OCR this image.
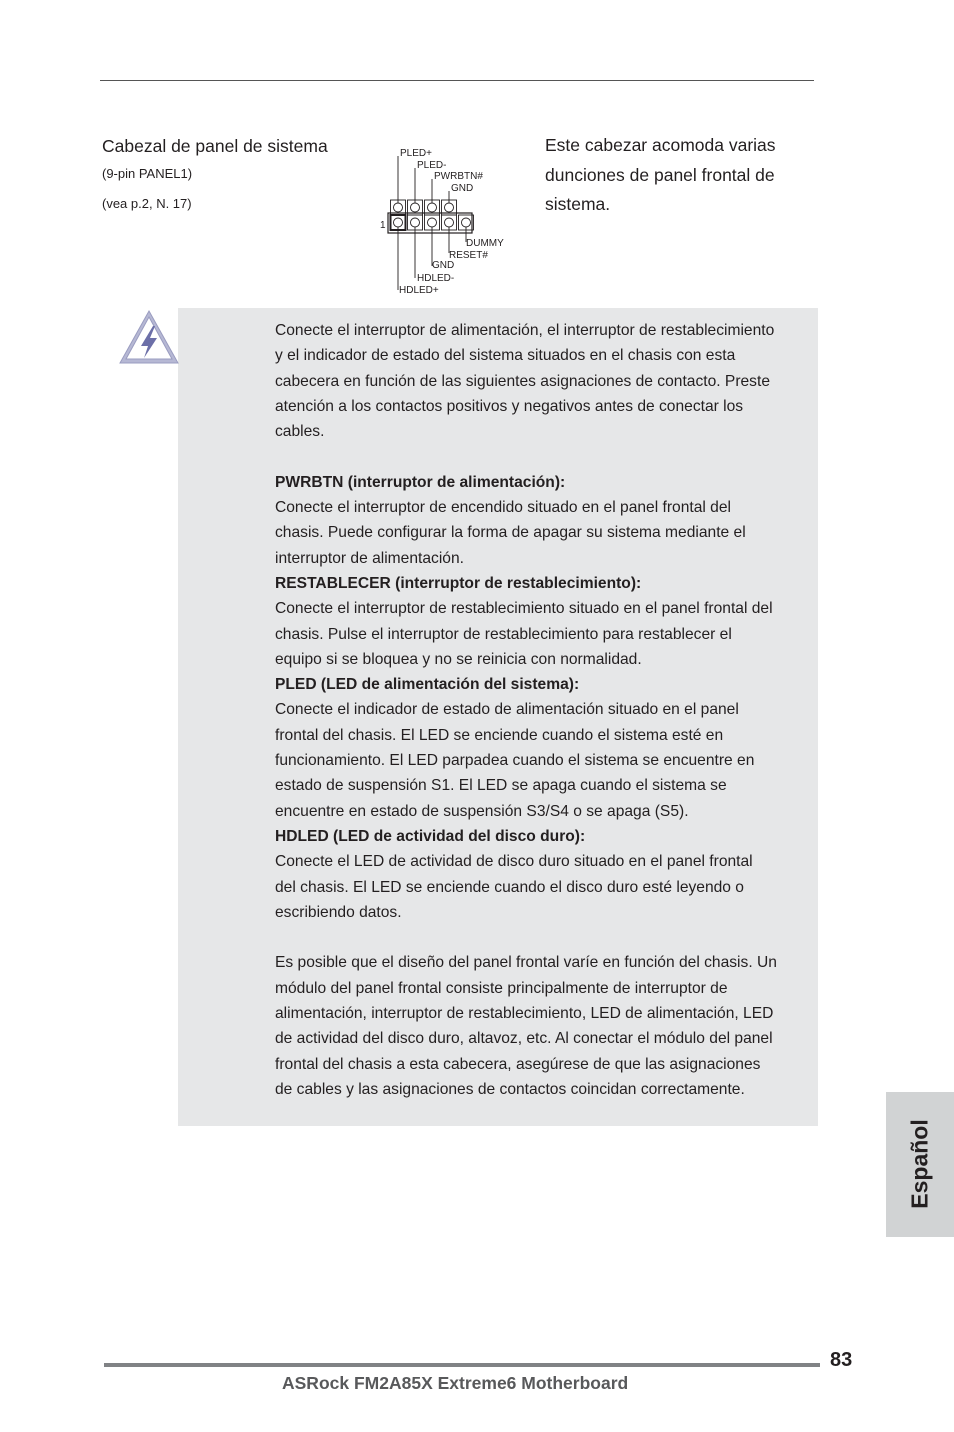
Cabezal de panel de sistema
(9-pin PANEL1)
(vea p.2, N. 17)
1
PLED+
PLED-
PWRBTN#
GND
DUMMY
RESET#
GND
HDLED-
HDLED+
Este cabezar acomoda varias
dunciones de panel frontal de
sistema.

Conecte el interruptor de alimentación, el interruptor de restablecimiento

y el indicador de estado del sistema situados en el chasis con esta

cabecera en función de las siguientes asignaciones de contacto. Preste

atención a los contactos positivos y negativos antes de conectar los

cables.

PWRBTN (interruptor de alimentación):

Conecte el interruptor de encendido situado en el panel frontal del

chasis. Puede configurar la forma de apagar su sistema mediante el

interruptor de alimentación.

RESTABLECER (interruptor de restablecimiento):

Conecte el interruptor de restablecimiento situado en el panel frontal del

chasis. Pulse el interruptor de restablecimiento para restablecer el

equipo si se bloquea y no se reinicia con normalidad.

PLED (LED de alimentación del sistema):

Conecte el indicador de estado de alimentación situado en el panel

frontal del chasis. El LED se enciende cuando el sistema esté en

funcionamiento. El LED parpadea cuando el sistema se encuentre en

estado de suspensión S1. El LED se apaga cuando el sistema se

encuentre en estado de suspensión S3/S4 o se apaga (S5).

HDLED (LED de actividad del disco duro):

Conecte el LED de actividad de disco duro situado en el panel frontal

del chasis. El LED se enciende cuando el disco duro esté leyendo o

escribiendo datos.

Es posible que el diseño del panel frontal varíe en función del chasis. Un

módulo del panel frontal consiste principalmente de interruptor de

alimentación, interruptor de restablecimiento, LED de alimentación, LED

de actividad del disco duro, altavoz, etc. Al conectar el módulo del panel

frontal del chasis a esta cabecera, asegúrese de que las asignaciones

de cables y las asignaciones de contactos coincidan correctamente.

Español
83
ASRock FM2A85X Extreme6 Motherboard
